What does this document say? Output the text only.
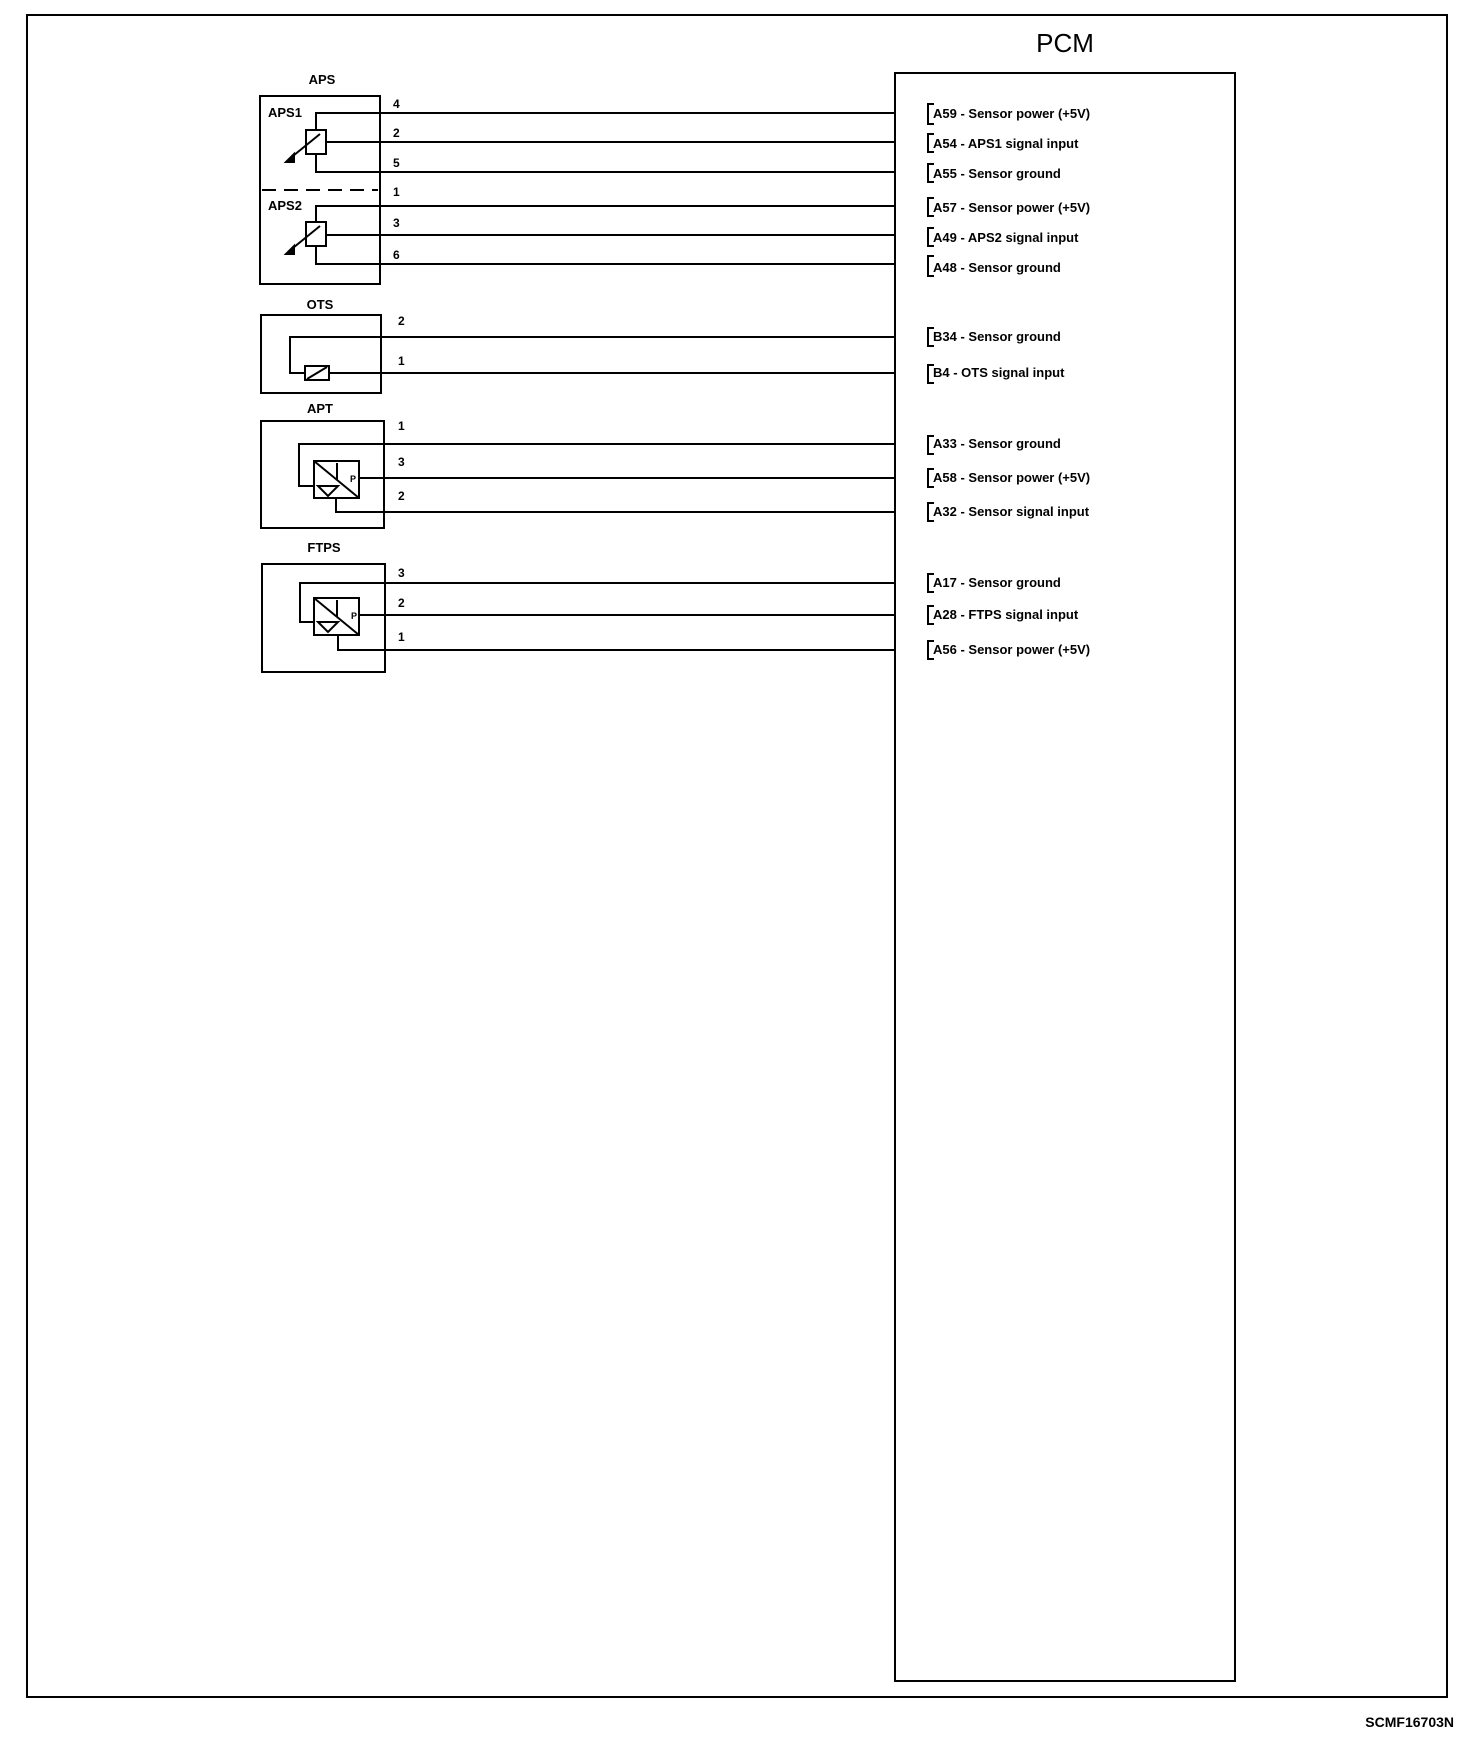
PCM
APS
APS1
APS2
4
2
5
1
3
6
OTS
2
1
APT
P
1
3
2
FTPS
P
3
2
1
A59 - Sensor power (+5V)
A54 - APS1 signal input
A55 - Sensor ground
A57 - Sensor power (+5V)
A49 - APS2 signal input
A48 - Sensor ground
B34 - Sensor ground
B4 - OTS signal input
A33 - Sensor ground
A58 - Sensor power (+5V)
A32 - Sensor signal input
A17 - Sensor ground
A28 - FTPS signal input
A56 - Sensor power (+5V)
SCMF16703N
